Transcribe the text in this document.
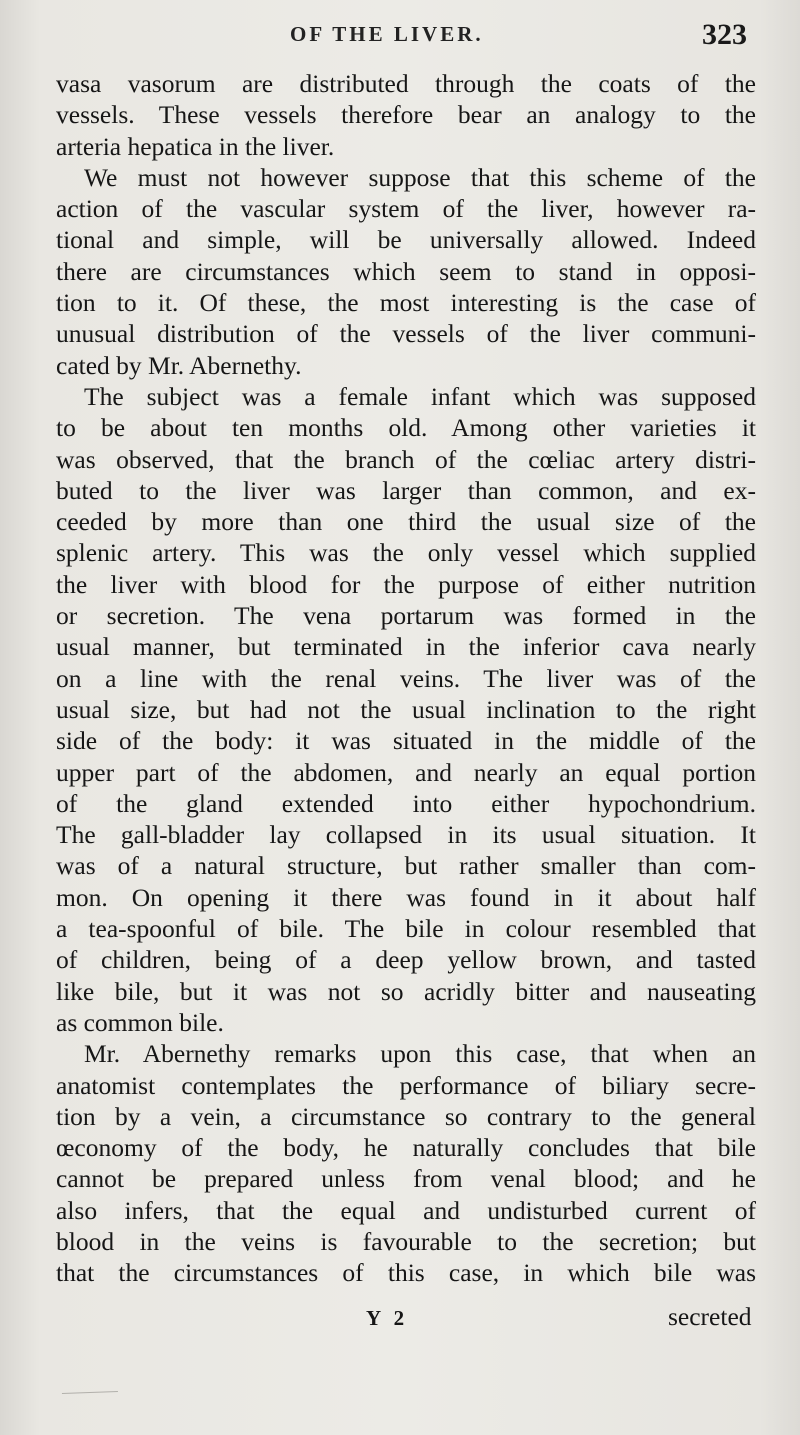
OF THE LIVER.	323
vasa vasorum are distributed through the coats of the
vessels. These vessels therefore bear an analogy to the
arteria hepatica in the liver.
We must not however suppose that this scheme of the
action of the vascular system of the liver, however ra-
tional and simple, will be universally allowed. Indeed
there are circumstances which seem to stand in opposi-
tion to it. Of these, the most interesting is the case of
unusual distribution of the vessels of the liver communi-
cated by Mr. Abernethy.
The subject was a female infant which was supposed
to be about ten months old. Among other varieties it
was observed, that the branch of the cœliac artery distri-
buted to the liver was larger than common, and ex-
ceeded by more than one third the usual size of the
splenic artery. This was the only vessel which supplied
the liver with blood for the purpose of either nutrition
or secretion. The vena portarum was formed in the
usual manner, but terminated in the inferior cava nearly
on a line with the renal veins. The liver was of the
usual size, but had not the usual inclination to the right
side of the body: it was situated in the middle of the
upper part of the abdomen, and nearly an equal portion
of the gland extended into either hypochondrium.
The gall-bladder lay collapsed in its usual situation. It
was of a natural structure, but rather smaller than com-
mon. On opening it there was found in it about half
a tea-spoonful of bile. The bile in colour resembled that
of children, being of a deep yellow brown, and tasted
like bile, but it was not so acridly bitter and nauseating
as common bile.
Mr. Abernethy remarks upon this case, that when an
anatomist contemplates the performance of biliary secre-
tion by a vein, a circumstance so contrary to the general
œconomy of the body, he naturally concludes that bile
cannot be prepared unless from venal blood; and he
also infers, that the equal and undisturbed current of
blood in the veins is favourable to the secretion; but
that the circumstances of this case, in which bile was
Y 2	secreted
